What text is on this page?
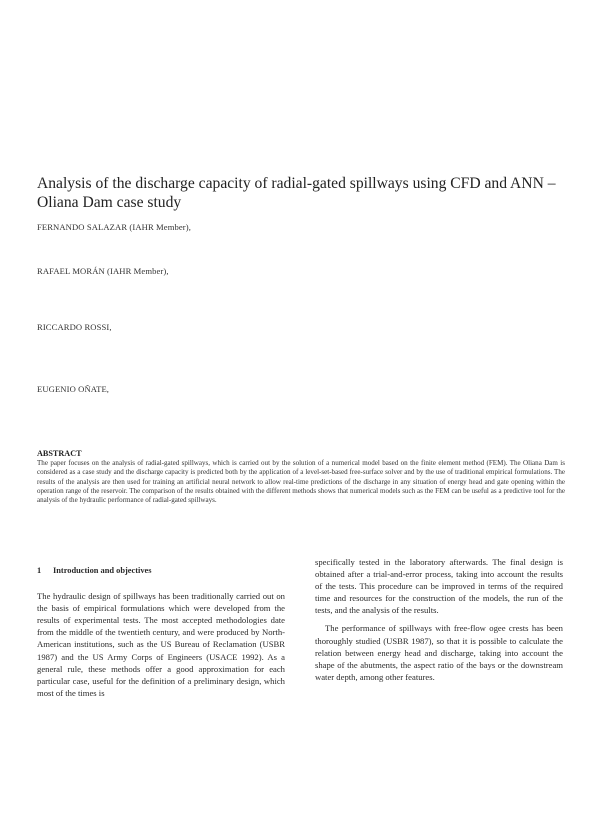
Analysis of the discharge capacity of radial-gated spillways using CFD and ANN – Oliana Dam case study
FERNANDO SALAZAR (IAHR Member),
RAFAEL MORÁN (IAHR Member),
RICCARDO ROSSI,
EUGENIO OÑATE,
ABSTRACT
The paper focuses on the analysis of radial-gated spillways, which is carried out by the solution of a numerical model based on the finite element method (FEM). The Oliana Dam is considered as a case study and the discharge capacity is predicted both by the application of a level-set-based free-surface solver and by the use of traditional empirical formulations. The results of the analysis are then used for training an artificial neural network to allow real-time predictions of the discharge in any situation of energy head and gate opening within the operation range of the reservoir. The comparison of the results obtained with the different methods shows that numerical models such as the FEM can be useful as a predictive tool for the analysis of the hydraulic performance of radial-gated spillways.
1 Introduction and objectives

The hydraulic design of spillways has been traditionally carried out on the basis of empirical formulations which were developed from the results of experimental tests. The most accepted methodologies date from the middle of the twentieth century, and were produced by North-American institutions, such as the US Bureau of Reclamation (USBR 1987) and the US Army Corps of Engineers (USACE 1992). As a general rule, these methods offer a good approximation for each particular case, useful for the definition of a preliminary design, which most of the times is

specifically tested in the laboratory afterwards. The final design is obtained after a trial-and-error process, taking into account the results of the tests. This procedure can be improved in terms of the required time and resources for the construction of the models, the run of the tests, and the analysis of the results.

The performance of spillways with free-flow ogee crests has been thoroughly studied (USBR 1987), so that it is possible to calculate the relation between energy head and discharge, taking into account the shape of the abutments, the aspect ratio of the bays or the downstream water depth, among other features.
